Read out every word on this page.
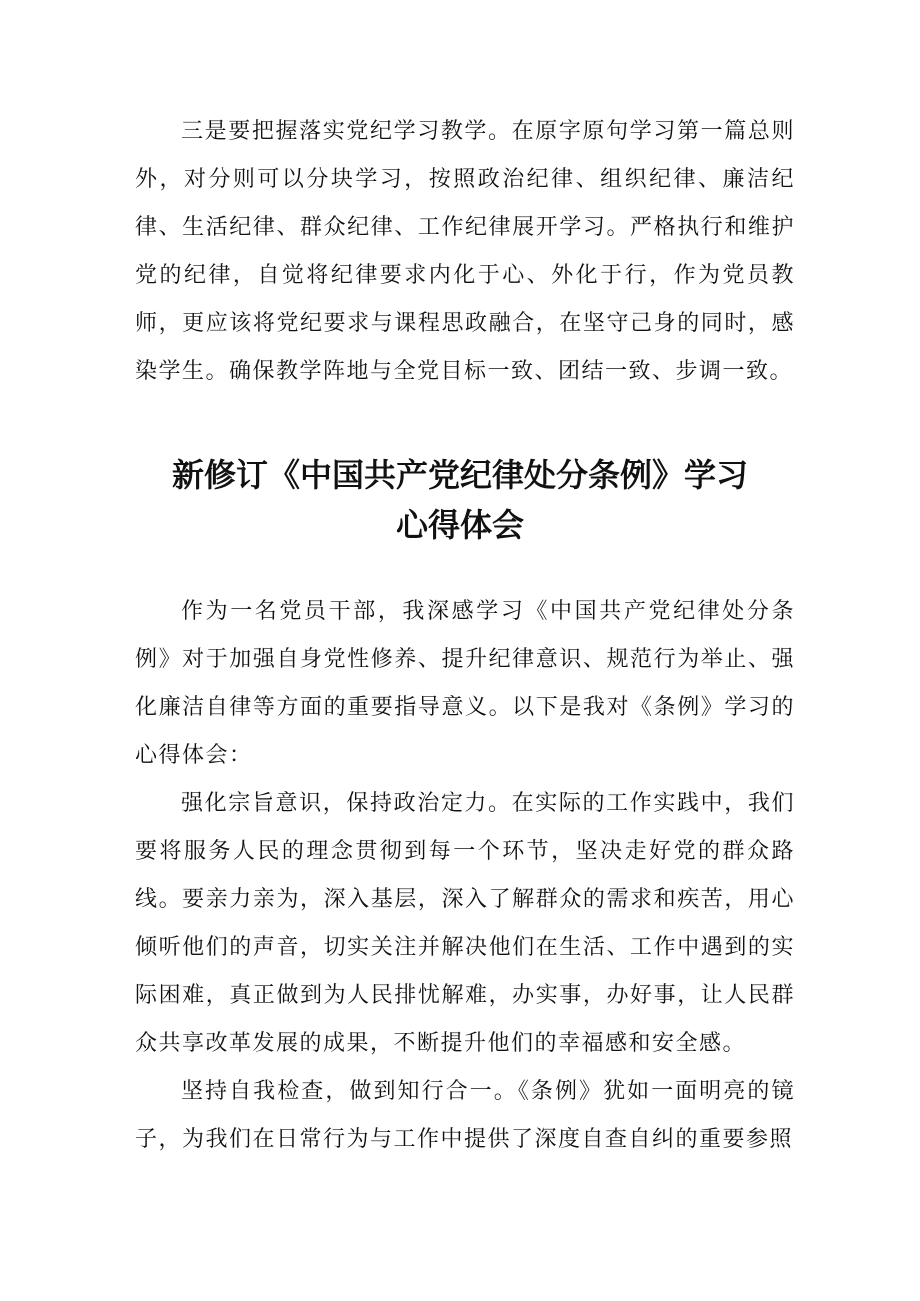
三是要把握落实党纪学习教学。在原字原句学习第一篇总则外，对分则可以分块学习，按照政治纪律、组织纪律、廉洁纪律、生活纪律、群众纪律、工作纪律展开学习。严格执行和维护党的纪律，自觉将纪律要求内化于心、外化于行，作为党员教师，更应该将党纪要求与课程思政融合，在坚守己身的同时，感染学生。确保教学阵地与全党目标一致、团结一致、步调一致。

新修订《中国共产党纪律处分条例》学习
心得体会

作为一名党员干部，我深感学习《中国共产党纪律处分条例》对于加强自身党性修养、提升纪律意识、规范行为举止、强化廉洁自律等方面的重要指导意义。以下是我对《条例》学习的心得体会：

强化宗旨意识，保持政治定力。在实际的工作实践中，我们要将服务人民的理念贯彻到每一个环节，坚决走好党的群众路线。要亲力亲为，深入基层，深入了解群众的需求和疾苦，用心倾听他们的声音，切实关注并解决他们在生活、工作中遇到的实际困难，真正做到为人民排忧解难，办实事，办好事，让人民群众共享改革发展的成果，不断提升他们的幸福感和安全感。

坚持自我检查，做到知行合一。《条例》犹如一面明亮的镜子，为我们在日常行为与工作中提供了深度自查自纠的重要参照
